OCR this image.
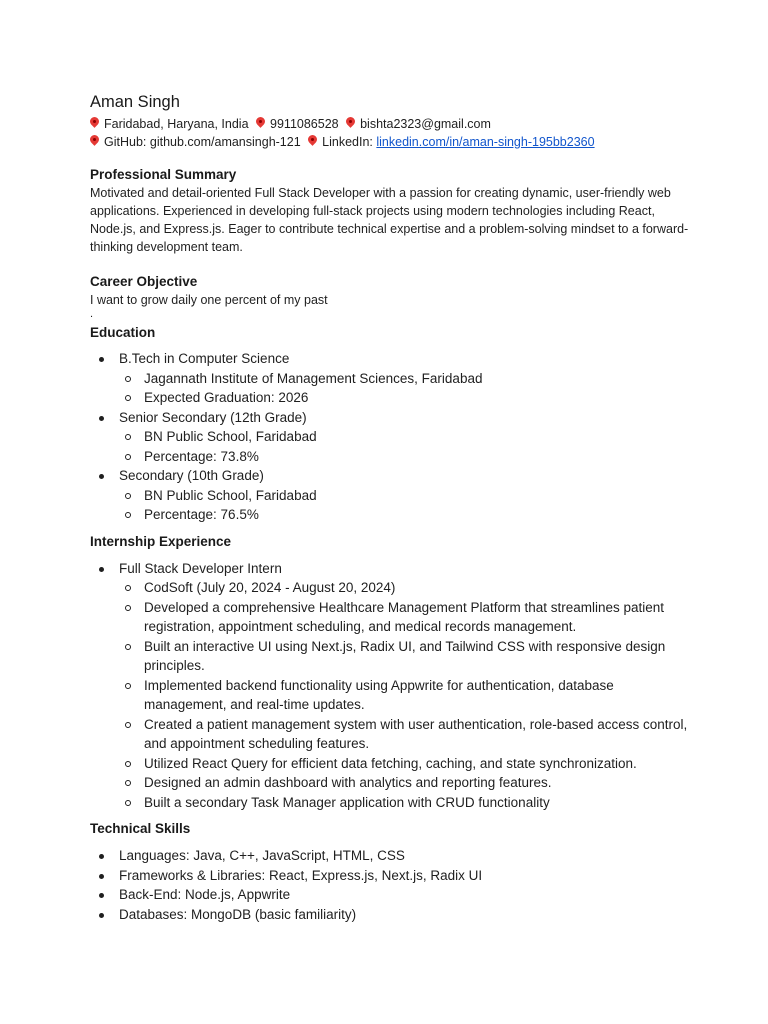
Aman Singh

Faridabad, Haryana, India 9911086528 bishta2323@gmail.com

GitHub: github.com/amansingh-121 LinkedIn: linkedin.com/in/aman-singh-195bb2360

Professional Summary

Motivated and detail-oriented Full Stack Developer with a passion for creating dynamic, user-friendly web applications. Experienced in developing full-stack projects using modern technologies including React, Node.js, and Express.js. Eager to contribute technical expertise and a problem-solving mindset to a forward-thinking development team.

Career Objective

I want to grow daily one percent of my past

.

Education
B.Tech in Computer Science
Jagannath Institute of Management Sciences, Faridabad
Expected Graduation: 2026
Senior Secondary (12th Grade)
BN Public School, Faridabad
Percentage: 73.8%
Secondary (10th Grade)
BN Public School, Faridabad
Percentage: 76.5%
Internship Experience
Full Stack Developer Intern
CodSoft (July 20, 2024 - August 20, 2024)
Developed a comprehensive Healthcare Management Platform that streamlines patient registration, appointment scheduling, and medical records management.
Built an interactive UI using Next.js, Radix UI, and Tailwind CSS with responsive design principles.
Implemented backend functionality using Appwrite for authentication, database management, and real-time updates.
Created a patient management system with user authentication, role-based access control, and appointment scheduling features.
Utilized React Query for efficient data fetching, caching, and state synchronization.
Designed an admin dashboard with analytics and reporting features.
Built a secondary Task Manager application with CRUD functionality
Technical Skills
Languages: Java, C++, JavaScript, HTML, CSS
Frameworks & Libraries: React, Express.js, Next.js, Radix UI
Back-End: Node.js, Appwrite
Databases: MongoDB (basic familiarity)
